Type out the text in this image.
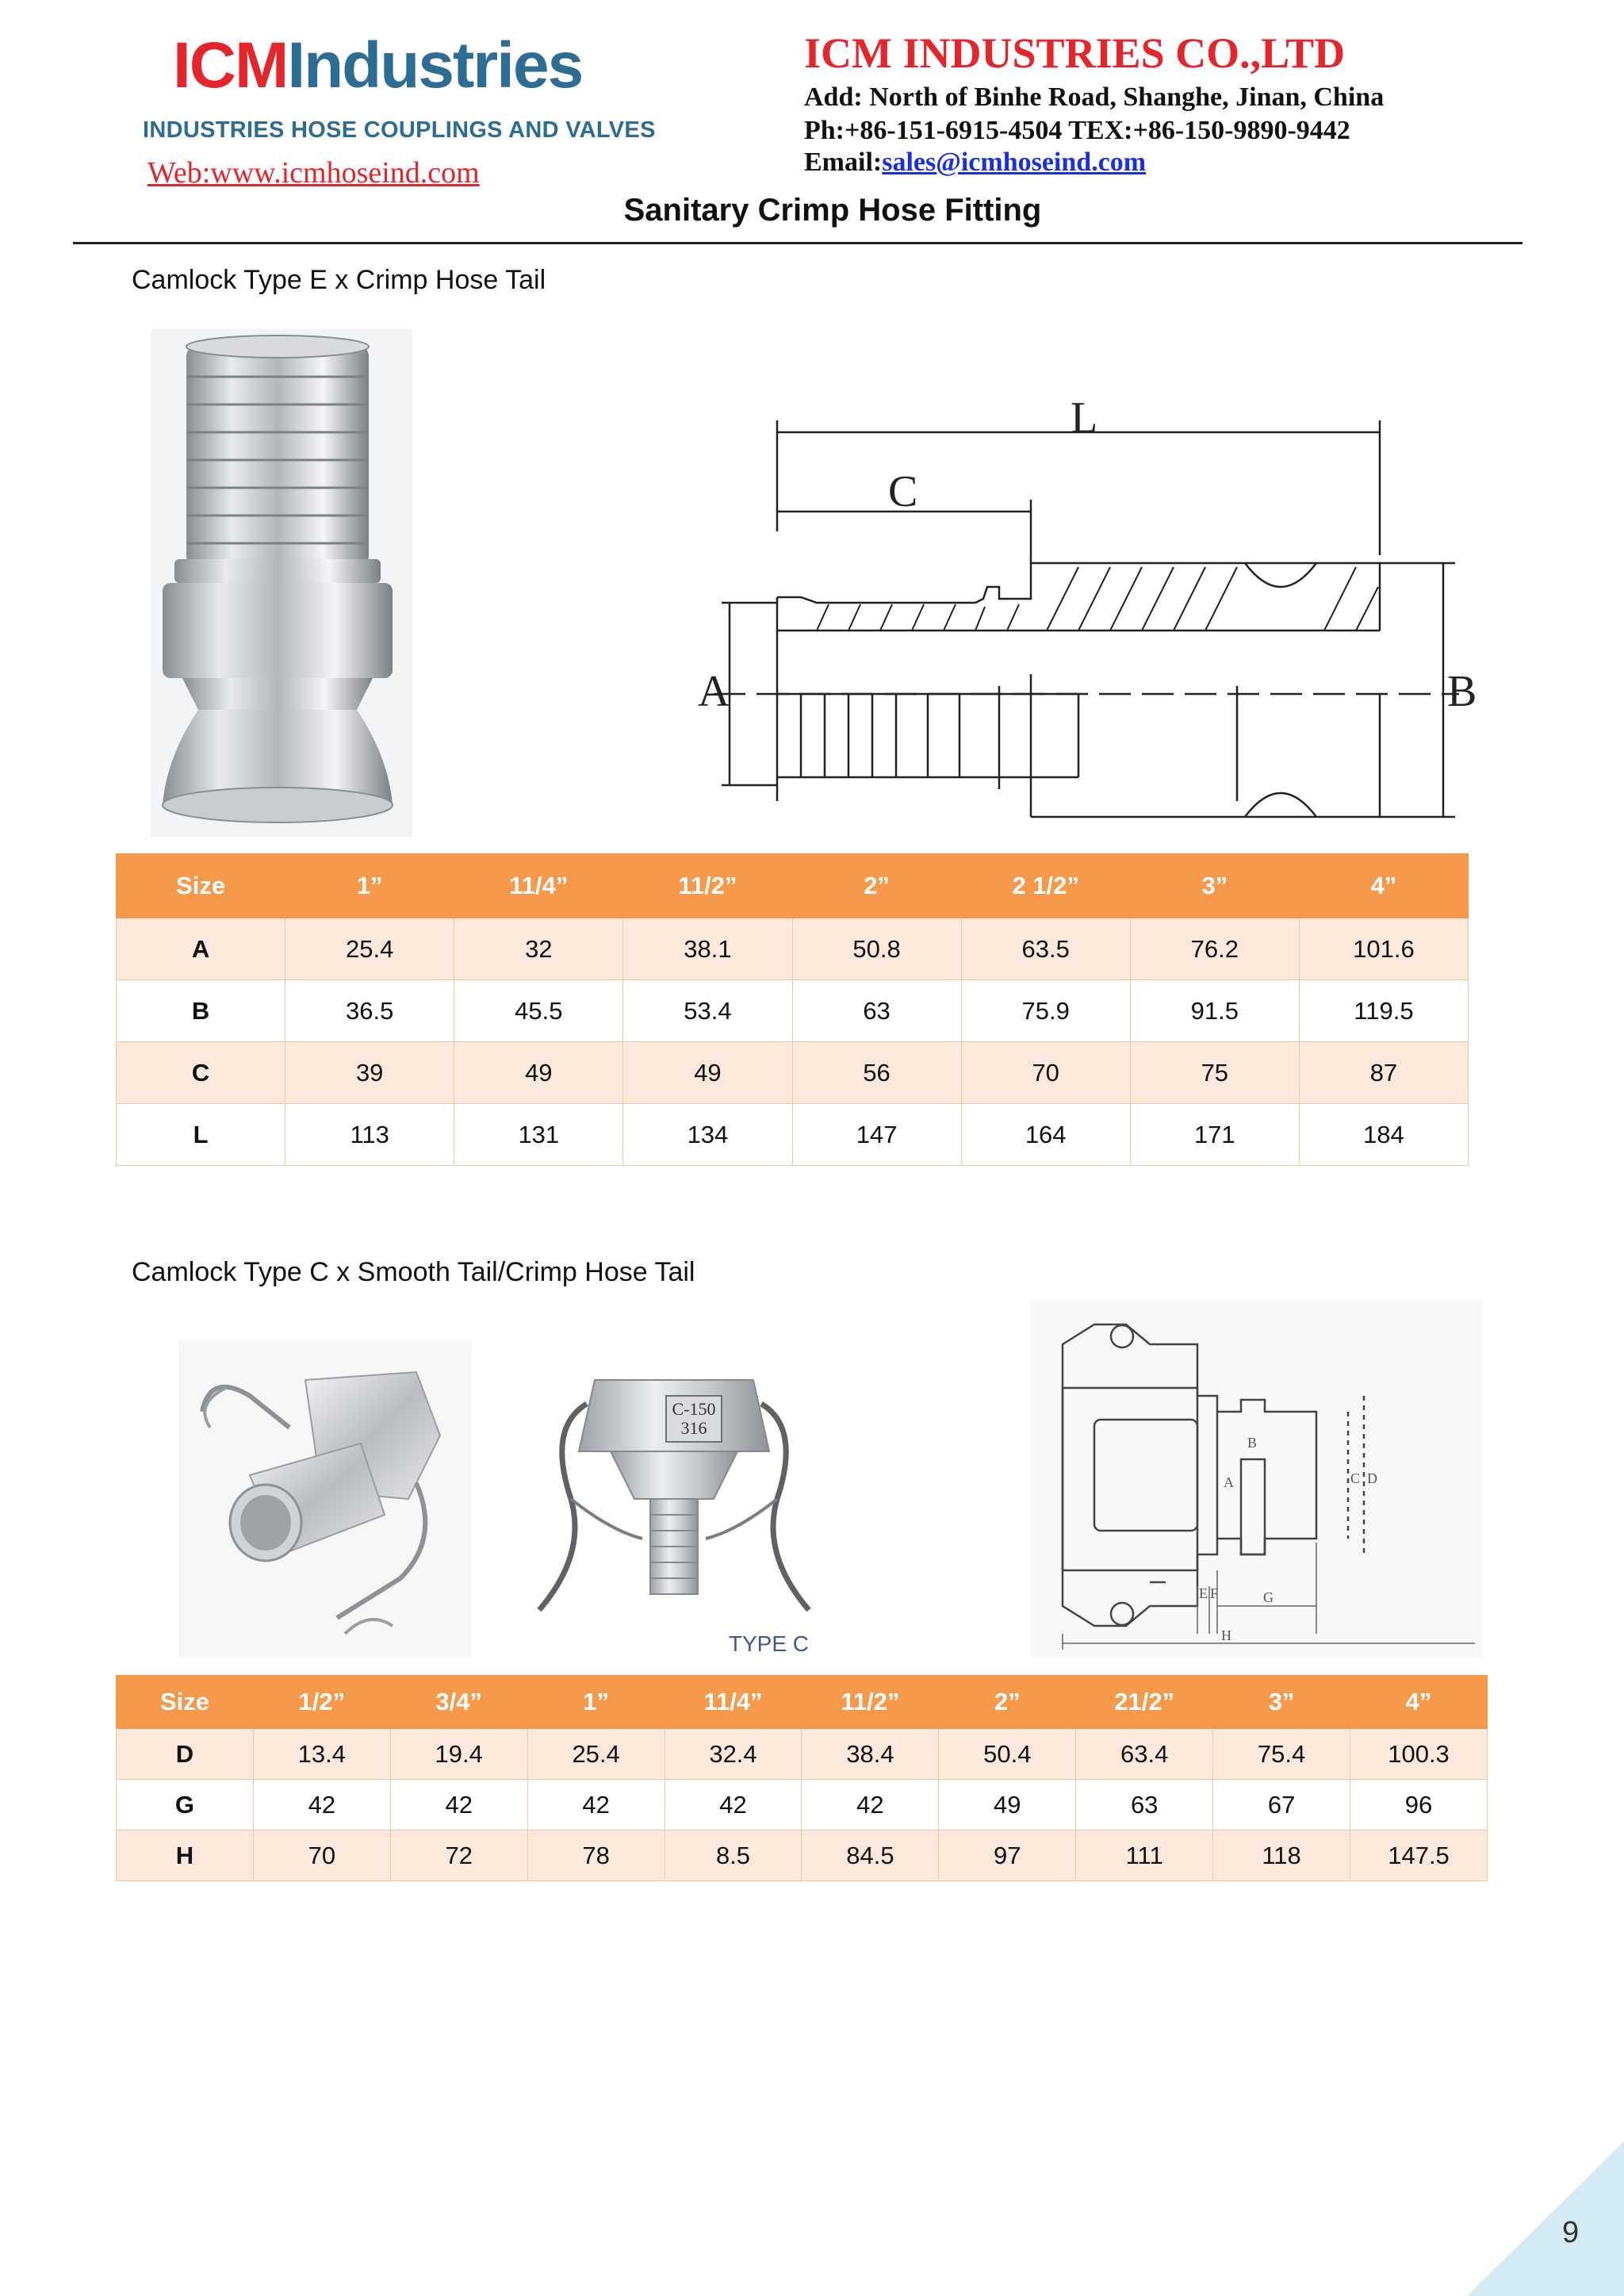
ICMIndustries
INDUSTRIES HOSE COUPLINGS AND VALVES
Web:www.icmhoseind.com
ICM INDUSTRIES CO.,LTD
Add: North of Binhe Road, Shanghe, Jinan, China
Ph:+86-151-6915-4504 TEX:+86-150-9890-9442
Email:sales@icmhoseind.com
Sanitary Crimp Hose Fitting
Camlock Type E x Crimp Hose Tail
L
C
A	B
Size	1”	11/4”	11/2”	2”	2 1/2”	3”	4”
A	25.4	32	38.1	50.8	63.5	76.2	101.6
B	36.5	45.5	53.4	63	75.9	91.5	119.5
C	39	49	49	56	70	75	87
L	113	131	134	147	164	171	184
Camlock Type C x Smooth Tail/Crimp Hose Tail
C-150
316
TYPE C
A
B
C D
E F	G
H
Size	1/2”	3/4”	1”	11/4”	11/2”	2”	21/2”	3”	4”
D	13.4	19.4	25.4	32.4	38.4	50.4	63.4	75.4	100.3
G	42	42	42	42	42	49	63	67	96
H	70	72	78	8.5	84.5	97	111	118	147.5
9
